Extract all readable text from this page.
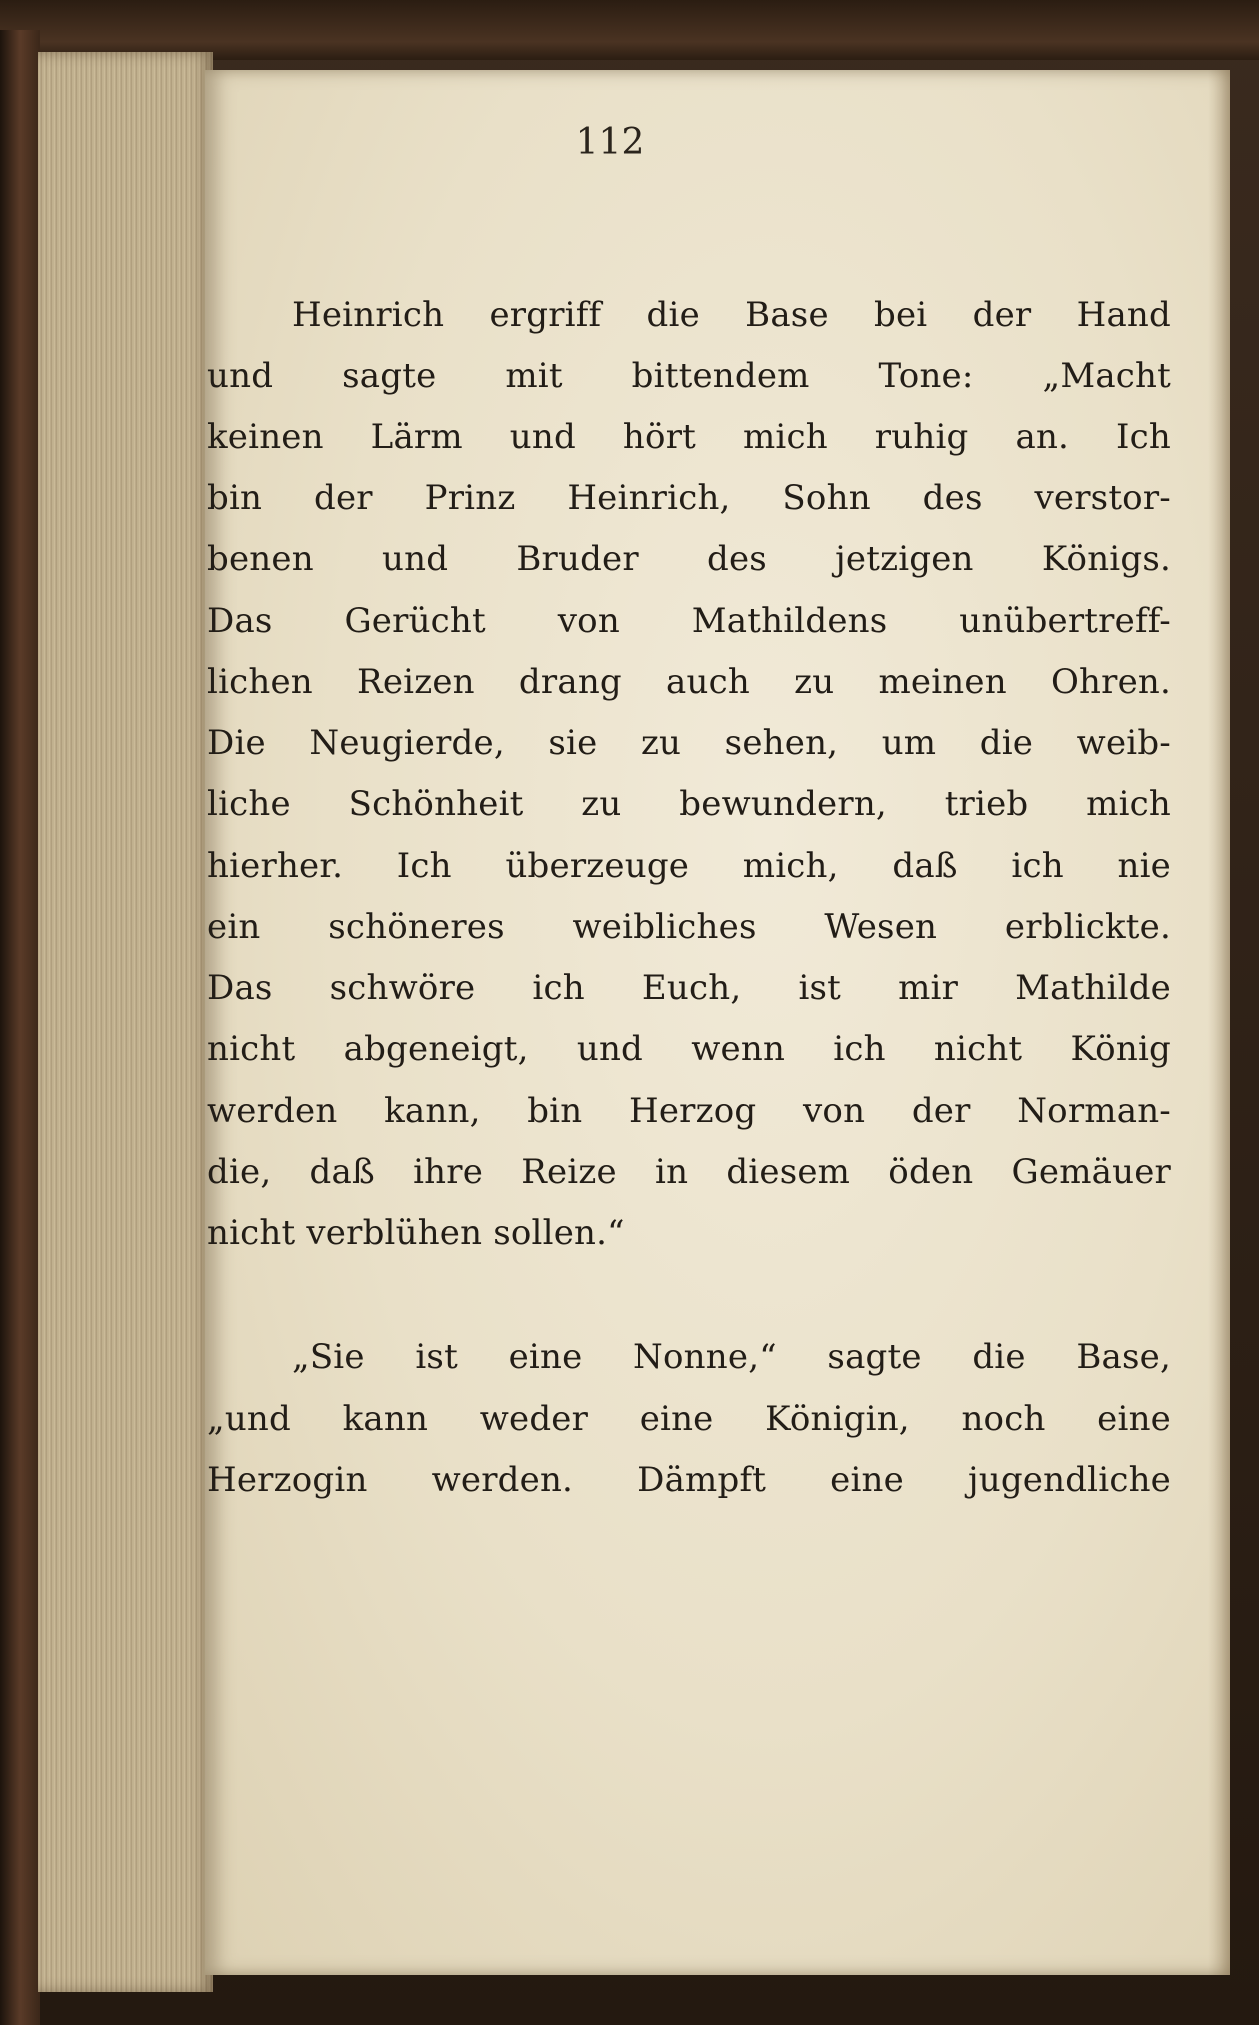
112
Heinrich ergriff die Base bei der Hand
und sagte mit bittendem Tone: „Macht
keinen Lärm und hört mich ruhig an. Ich
bin der Prinz Heinrich, Sohn des verstor-
benen und Bruder des jetzigen Königs.
Das Gerücht von Mathildens unübertreff-
lichen Reizen drang auch zu meinen Ohren.
Die Neugierde, sie zu sehen, um die weib-
liche Schönheit zu bewundern, trieb mich
hierher. Ich überzeuge mich, daß ich nie
ein schöneres weibliches Wesen erblickte.
Das schwöre ich Euch, ist mir Mathilde
nicht abgeneigt, und wenn ich nicht König
werden kann, bin Herzog von der Norman-
die, daß ihre Reize in diesem öden Gemäuer
nicht verblühen sollen.“
„Sie ist eine Nonne,“ sagte die Base,
„und kann weder eine Königin, noch eine
Herzogin werden. Dämpft eine jugendliche
